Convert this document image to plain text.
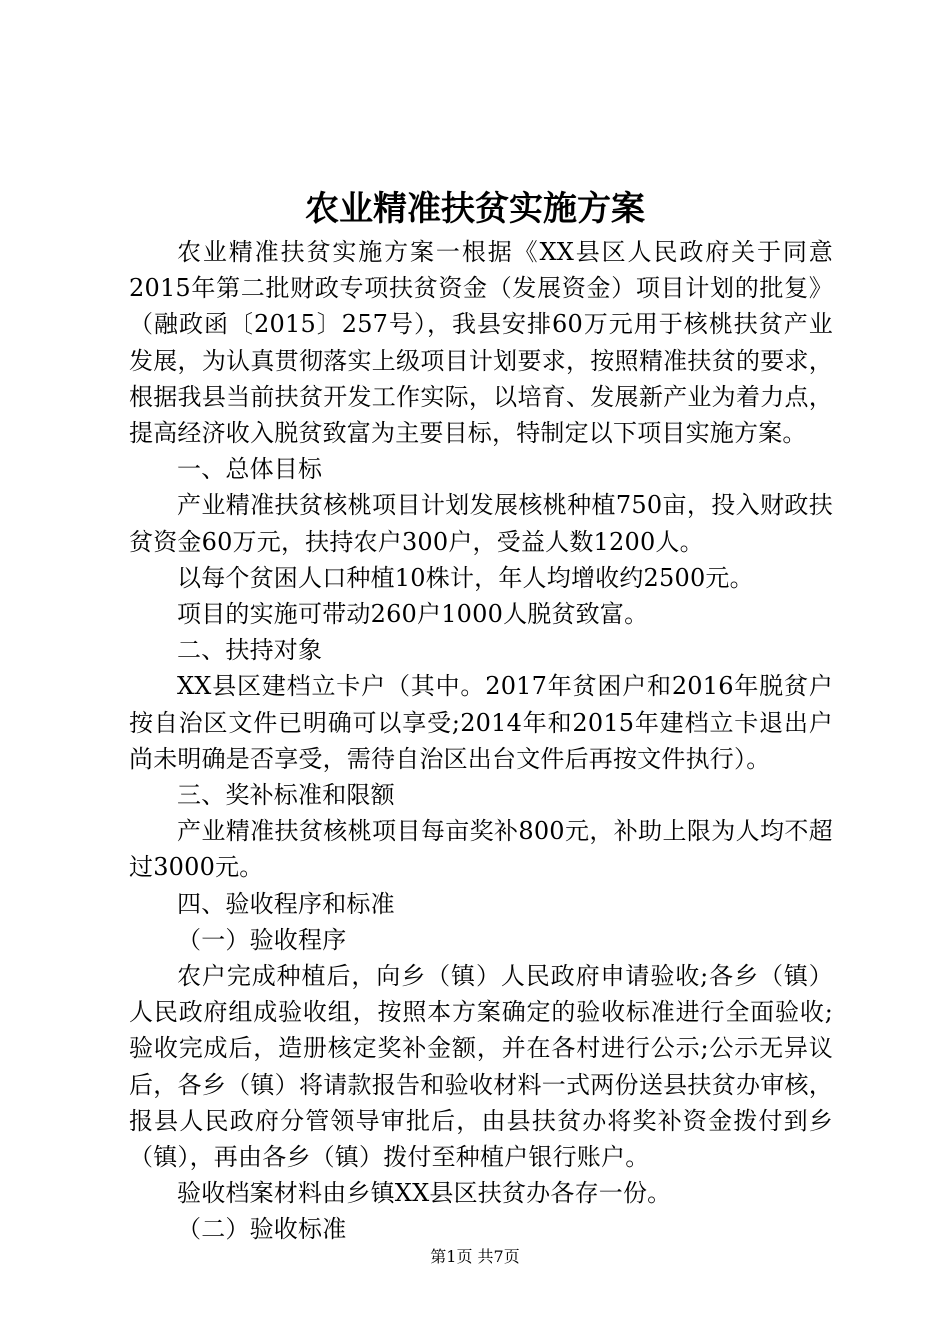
农业精准扶贫实施方案

农业精准扶贫实施方案一根据《XX县区人民政府关于同意2015年第二批财政专项扶贫资金（发展资金）项目计划的批复》（融政函〔2015〕257号），我县安排60万元用于核桃扶贫产业发展，为认真贯彻落实上级项目计划要求，按照精准扶贫的要求，根据我县当前扶贫开发工作实际，以培育、发展新产业为着力点，提高经济收入脱贫致富为主要目标，特制定以下项目实施方案。

一、总体目标

产业精准扶贫核桃项目计划发展核桃种植750亩，投入财政扶贫资金60万元，扶持农户300户，受益人数1200人。

以每个贫困人口种植10株计，年人均增收约2500元。

项目的实施可带动260户1000人脱贫致富。

二、扶持对象

XX县区建档立卡户（其中。2017年贫困户和2016年脱贫户按自治区文件已明确可以享受;2014年和2015年建档立卡退出户尚未明确是否享受，需待自治区出台文件后再按文件执行）。

三、奖补标准和限额

产业精准扶贫核桃项目每亩奖补800元，补助上限为人均不超过3000元。

四、验收程序和标准

（一）验收程序

农户完成种植后，向乡（镇）人民政府申请验收;各乡（镇）人民政府组成验收组，按照本方案确定的验收标准进行全面验收;验收完成后，造册核定奖补金额，并在各村进行公示;公示无异议后，各乡（镇）将请款报告和验收材料一式两份送县扶贫办审核，报县人民政府分管领导审批后，由县扶贫办将奖补资金拨付到乡（镇），再由各乡（镇）拨付至种植户银行账户。

验收档案材料由乡镇XX县区扶贫办各存一份。

（二）验收标准

第1页 共7页
